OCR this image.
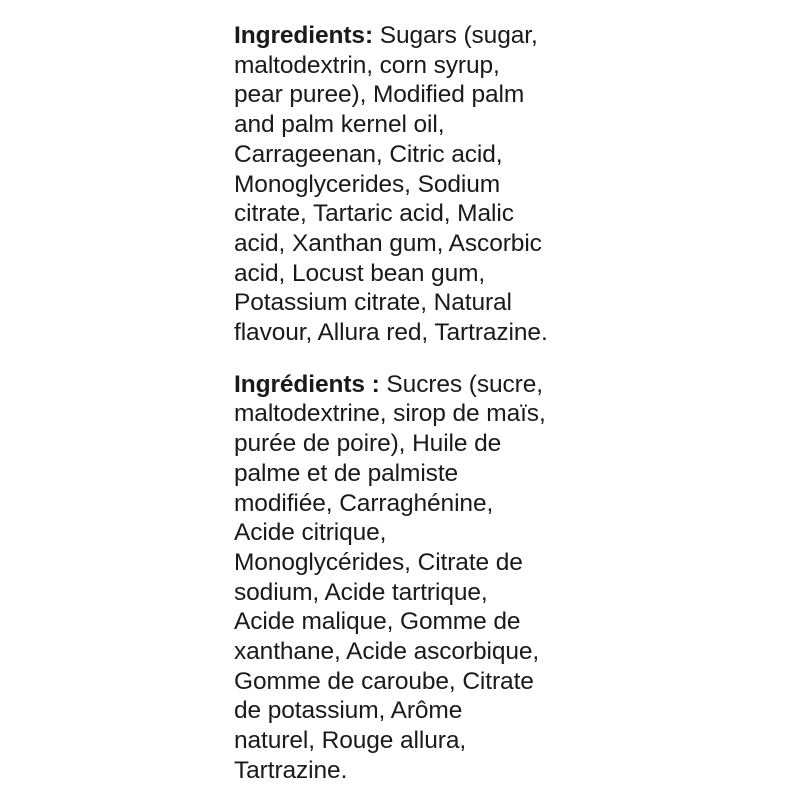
Ingredients: Sugars (sugar,
maltodextrin, corn syrup,
pear puree), Modified palm
and palm kernel oil,
Carrageenan, Citric acid,
Monoglycerides, Sodium
citrate, Tartaric acid, Malic
acid, Xanthan gum, Ascorbic
acid, Locust bean gum,
Potassium citrate, Natural
flavour, Allura red, Tartrazine.

Ingrédients : Sucres (sucre,
maltodextrine, sirop de maïs,
purée de poire), Huile de
palme et de palmiste
modifiée, Carraghénine,
Acide citrique,
Monoglycérides, Citrate de
sodium, Acide tartrique,
Acide malique, Gomme de
xanthane, Acide ascorbique,
Gomme de caroube, Citrate
de potassium, Arôme
naturel, Rouge allura,
Tartrazine.
